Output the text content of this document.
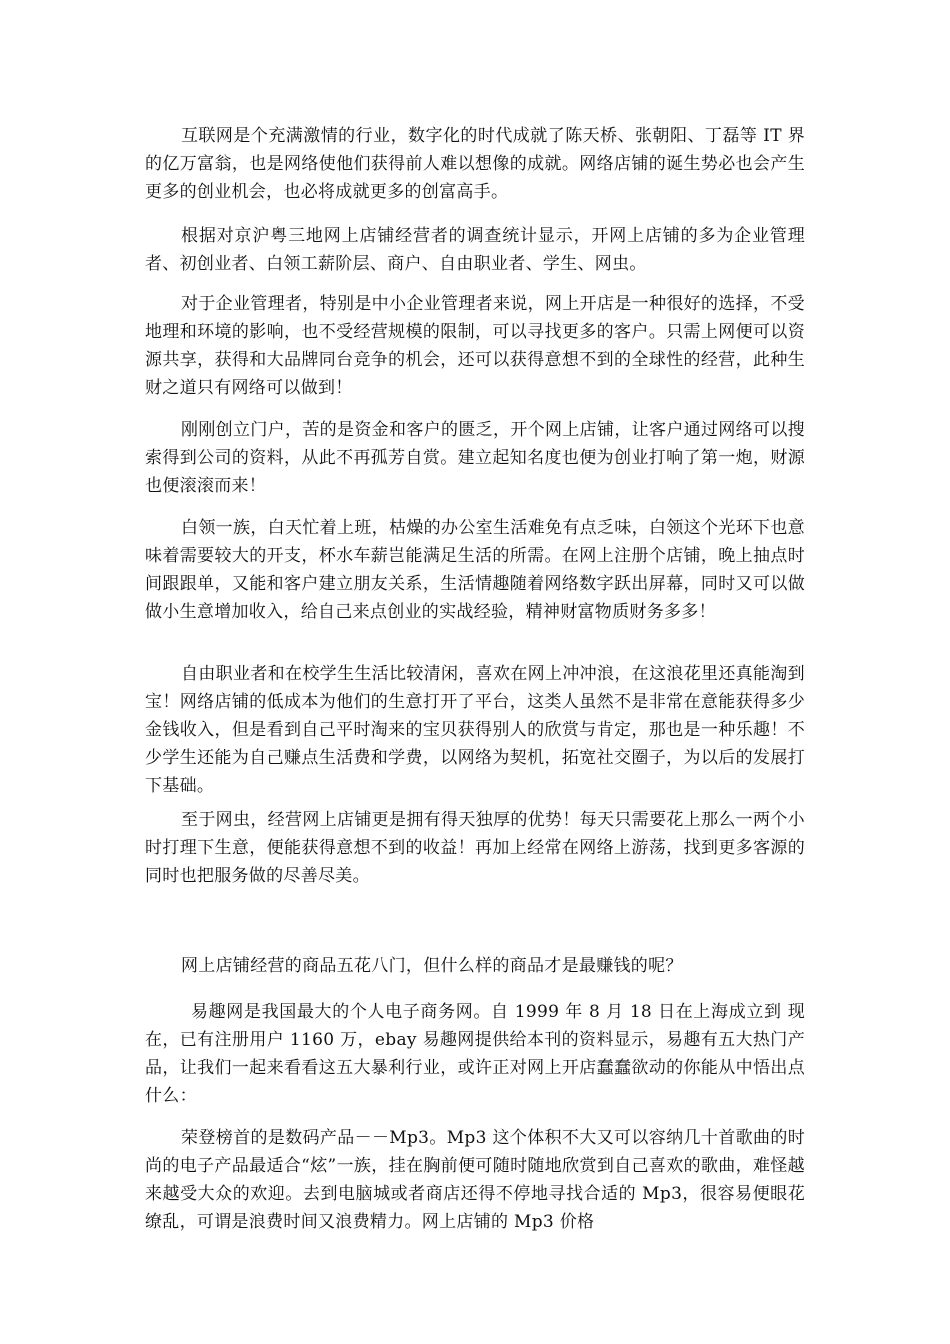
互联网是个充满激情的行业，数字化的时代成就了陈天桥、张朝阳、丁磊等 IT 界的亿万富翁，也是网络使他们获得前人难以想像的成就。网络店铺的诞生势必也会产生更多的创业机会，也必将成就更多的创富高手。

根据对京沪粤三地网上店铺经营者的调查统计显示，开网上店铺的多为企业管理者、初创业者、白领工薪阶层、商户、自由职业者、学生、网虫。

对于企业管理者，特别是中小企业管理者来说，网上开店是一种很好的选择，不受地理和环境的影响，也不受经营规模的限制，可以寻找更多的客户。只需上网便可以资源共享，获得和大品牌同台竞争的机会，还可以获得意想不到的全球性的经营，此种生财之道只有网络可以做到！

刚刚创立门户，苦的是资金和客户的匮乏，开个网上店铺，让客户通过网络可以搜索得到公司的资料，从此不再孤芳自赏。建立起知名度也便为创业打响了第一炮，财源也便滚滚而来！

白领一族，白天忙着上班，枯燥的办公室生活难免有点乏味，白领这个光环下也意味着需要较大的开支，杯水车薪岂能满足生活的所需。在网上注册个店铺，晚上抽点时间跟跟单，又能和客户建立朋友关系，生活情趣随着网络数字跃出屏幕，同时又可以做做小生意增加收入，给自己来点创业的实战经验，精神财富物质财务多多！

自由职业者和在校学生生活比较清闲，喜欢在网上冲冲浪，在这浪花里还真能淘到宝！网络店铺的低成本为他们的生意打开了平台，这类人虽然不是非常在意能获得多少金钱收入，但是看到自己平时淘来的宝贝获得别人的欣赏与肯定，那也是一种乐趣！不少学生还能为自己赚点生活费和学费，以网络为契机，拓宽社交圈子，为以后的发展打下基础。

至于网虫，经营网上店铺更是拥有得天独厚的优势！每天只需要花上那么一两个小时打理下生意，便能获得意想不到的收益！再加上经常在网络上游荡，找到更多客源的同时也把服务做的尽善尽美。

网上店铺经营的商品五花八门，但什么样的商品才是最赚钱的呢？

易趣网是我国最大的个人电子商务网。自 1999 年 8 月 18 日在上海成立到 现在，已有注册用户 1160 万，ebay 易趣网提供给本刊的资料显示，易趣有五大热门产品，让我们一起来看看这五大暴利行业，或许正对网上开店蠢蠢欲动的你能从中悟出点什么：

荣登榜首的是数码产品－－Mp3。Mp3 这个体积不大又可以容纳几十首歌曲的时尚的电子产品最适合“炫”一族，挂在胸前便可随时随地欣赏到自己喜欢的歌曲，难怪越来越受大众的欢迎。去到电脑城或者商店还得不停地寻找合适的 Mp3，很容易便眼花缭乱，可谓是浪费时间又浪费精力。网上店铺的 Mp3 价格
